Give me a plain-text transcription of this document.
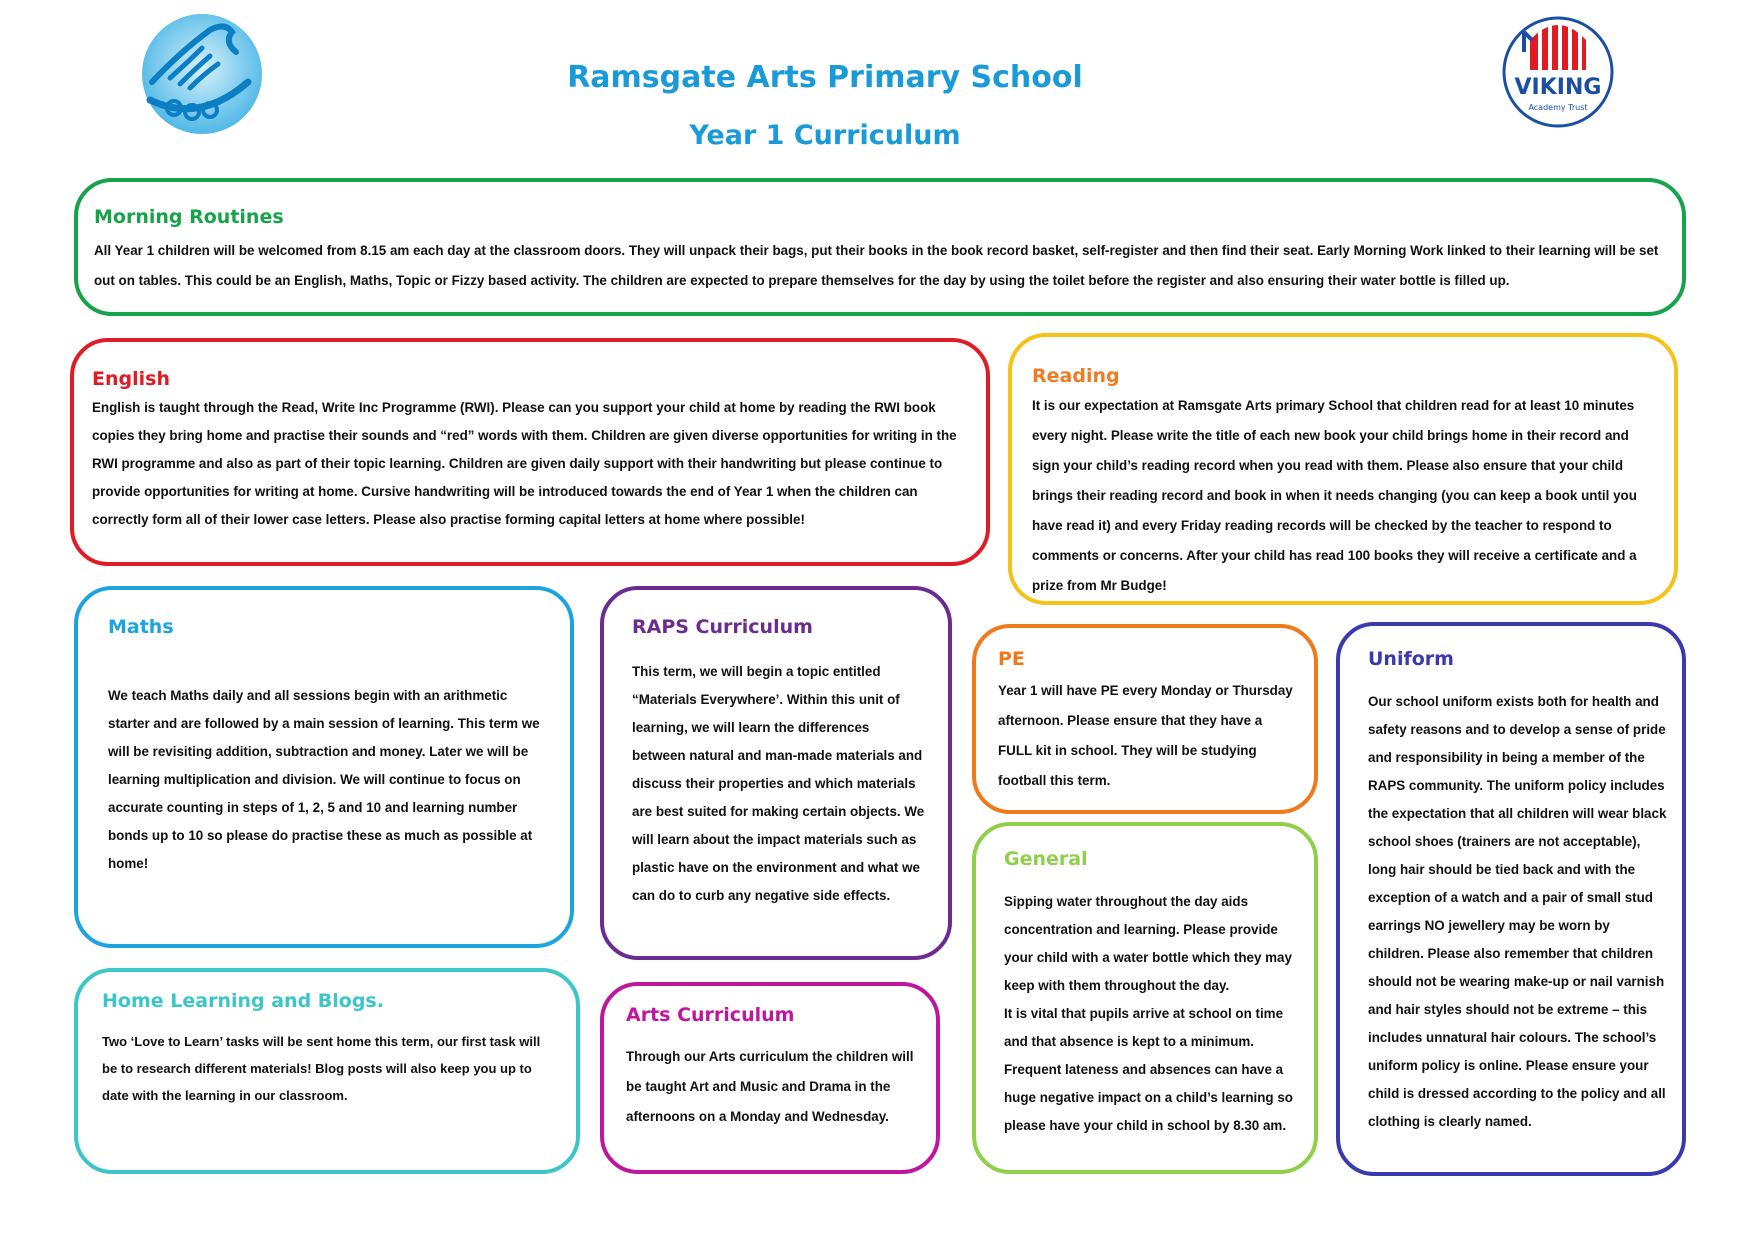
VIKING
Academy Trust
Ramsgate Arts Primary School
Year 1 Curriculum
Morning Routines

All Year 1 children will be welcomed from 8.15 am each day at the classroom doors. They will unpack their bags, put their books in the book record basket, self-register and then find their seat. Early Morning Work linked to their learning will be set out on tables. This could be an English, Maths, Topic or Fizzy based activity. The children are expected to prepare themselves for the day by using the toilet before the register and also ensuring their water bottle is filled up.

English

English is taught through the Read, Write Inc Programme (RWI). Please can you support your child at home by reading the RWI book copies they bring home and practise their sounds and “red” words with them. Children are given diverse opportunities for writing in the RWI programme and also as part of their topic learning. Children are given daily support with their handwriting but please continue to provide opportunities for writing at home. Cursive handwriting will be introduced towards the end of Year 1 when the children can correctly form all of their lower case letters. Please also practise forming capital letters at home where possible!

Reading

It is our expectation at Ramsgate Arts primary School that children read for at least 10 minutes every night. Please write the title of each new book your child brings home in their record and sign your child’s reading record when you read with them. Please also ensure that your child brings their reading record and book in when it needs changing (you can keep a book until you have read it) and every Friday reading records will be checked by the teacher to respond to comments or concerns. After your child has read 100 books they will receive a certificate and a prize from Mr Budge!

Maths

We teach Maths daily and all sessions begin with an arithmetic starter and are followed by a main session of learning. This term we will be revisiting addition, subtraction and money. Later we will be learning multiplication and division. We will continue to focus on accurate counting in steps of 1, 2, 5 and 10 and learning number bonds up to 10 so please do practise these as much as possible at home!

RAPS Curriculum

This term, we will begin a topic entitled “Materials Everywhere’. Within this unit of learning, we will learn the differences between natural and man-made materials and discuss their properties and which materials are best suited for making certain objects. We will learn about the impact materials such as plastic have on the environment and what we can do to curb any negative side effects.

PE

Year 1 will have PE every Monday or Thursday afternoon. Please ensure that they have a FULL kit in school. They will be studying football this term.

General

Sipping water throughout the day aids concentration and learning. Please provide your child with a water bottle which they may keep with them throughout the day.
It is vital that pupils arrive at school on time and that absence is kept to a minimum. Frequent lateness and absences can have a huge negative impact on a child’s learning so please have your child in school by 8.30 am.

Uniform

Our school uniform exists both for health and safety reasons and to develop a sense of pride and responsibility in being a member of the RAPS community. The uniform policy includes the expectation that all children will wear black school shoes (trainers are not acceptable), long hair should be tied back and with the exception of a watch and a pair of small stud earrings NO jewellery may be worn by children. Please also remember that children should not be wearing make-up or nail varnish and hair styles should not be extreme – this includes unnatural hair colours. The school’s uniform policy is online. Please ensure your child is dressed according to the policy and all clothing is clearly named.

Home Learning and Blogs.

Two ‘Love to Learn’ tasks will be sent home this term, our first task will be to research different materials! Blog posts will also keep you up to date with the learning in our classroom.

Arts Curriculum

Through our Arts curriculum the children will be taught Art and Music and Drama in the afternoons on a Monday and Wednesday.
